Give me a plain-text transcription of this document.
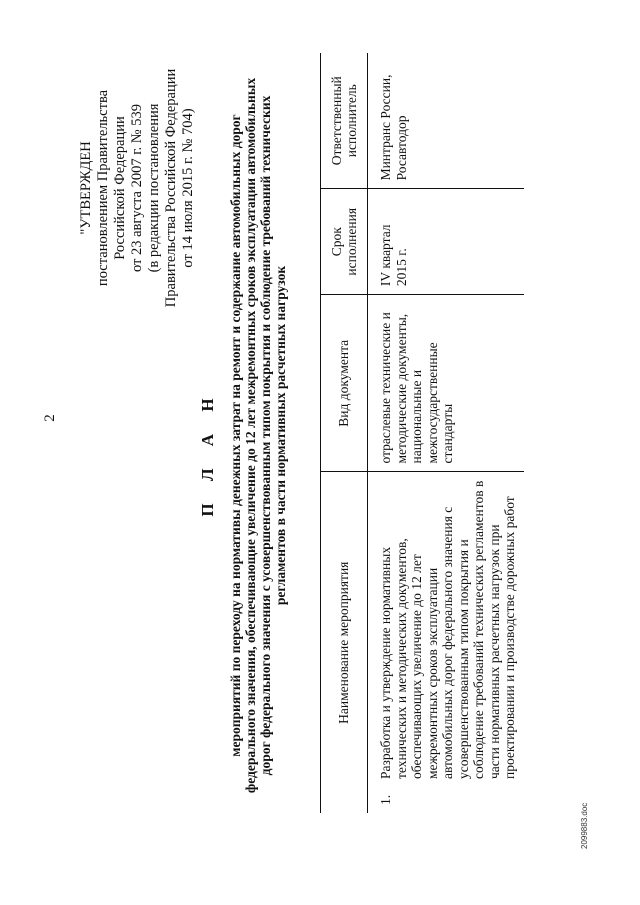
2
"УТВЕРЖДЕН постановлением Правительства Российской Федерации от 23 августа 2007 г. № 539 (в редакции постановления Правительства Российской Федерации от 14 июля 2015 г. № 704)
П Л А Н мероприятий по переходу на нормативы денежных затрат на ремонт и содержание автомобильных дорог федерального значения, обеспечивающие увеличение до 12 лет межремонтных сроков эксплуатации автомобильных дорог федерального значения с усовершенствованным типом покрытия и соблюдение требований технических регламентов в части нормативных расчетных нагрузок
Наименование мероприятия	Вид документа	Срок исполнения	Ответственный исполнитель

1.
Разработка и утверждение нормативных технических и методических документов, обеспечивающих увеличение до 12 лет межремонтных сроков эксплуатации автомобильных дорог федерального значения с усовершенствованным типом покрытия и соблюдение требований технических регламентов в части нормативных расчетных нагрузок при проектировании и производстве дорожных работ	отраслевые технические и методические документы, национальные и межгосударственные стандарты	IV квартал 2015 г.	Минтранс России, Росавтодор
2099883.doc
